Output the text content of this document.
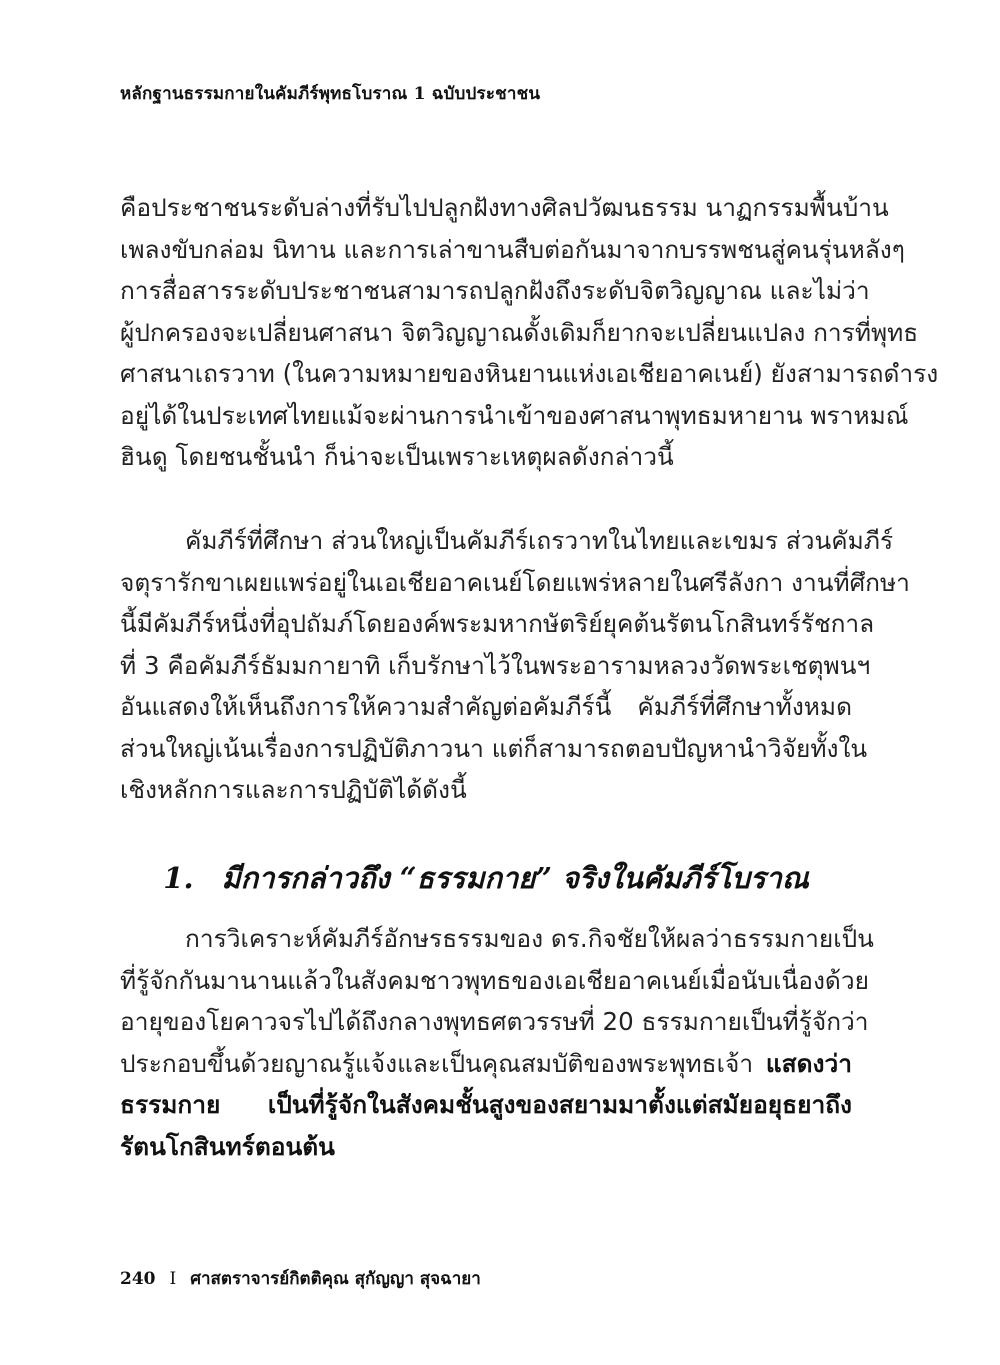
หลักฐานธรรมกายในคัมภีร์พุทธโบราณ 1 ฉบับประชาชน
คือประชาชนระดับล่างที่รับไปปลูกฝังทางศิลปวัฒนธรรม นาฏกรรมพื้นบ้าน
เพลงขับกล่อม นิทาน และการเล่าขานสืบต่อกันมาจากบรรพชนสู่คนรุ่นหลังๆ
การสื่อสารระดับประชาชนสามารถปลูกฝังถึงระดับจิตวิญญาณ และไม่ว่า
ผู้ปกครองจะเปลี่ยนศาสนา จิตวิญญาณดั้งเดิมก็ยากจะเปลี่ยนแปลง การที่พุทธ
ศาสนาเถรวาท (ในความหมายของหินยานแห่งเอเชียอาคเนย์) ยังสามารถดำรง
อยู่ได้ในประเทศไทยแม้จะผ่านการนำเข้าของศาสนาพุทธมหายาน พราหมณ์
ฮินดู โดยชนชั้นนำ ก็น่าจะเป็นเพราะเหตุผลดังกล่าวนี้
คัมภีร์ที่ศึกษา ส่วนใหญ่เป็นคัมภีร์เถรวาทในไทยและเขมร ส่วนคัมภีร์
จตุรารักขาเผยแพร่อยู่ในเอเชียอาคเนย์โดยแพร่หลายในศรีลังกา งานที่ศึกษา
นี้มีคัมภีร์หนึ่งที่อุปถัมภ์โดยองค์พระมหากษัตริย์ยุคต้นรัตนโกสินทร์รัชกาล
ที่ 3 คือคัมภีร์ธัมมกายาทิ เก็บรักษาไว้ในพระอารามหลวงวัดพระเชตุพนฯ
อันแสดงให้เห็นถึงการให้ความสำคัญต่อคัมภีร์นี้ คัมภีร์ที่ศึกษาทั้งหมด
ส่วนใหญ่เน้นเรื่องการปฏิบัติภาวนา แต่ก็สามารถตอบปัญหานำวิจัยทั้งใน
เชิงหลักการและการปฏิบัติได้ดังนี้
1. มีการกล่าวถึง “ธรรมกาย” จริงในคัมภีร์โบราณ
การวิเคราะห์คัมภีร์อักษรธรรมของ ดร.กิจชัยให้ผลว่าธรรมกายเป็น
ที่รู้จักกันมานานแล้วในสังคมชาวพุทธของเอเชียอาคเนย์เมื่อนับเนื่องด้วย
อายุของโยคาวจรไปได้ถึงกลางพุทธศตวรรษที่ 20 ธรรมกายเป็นที่รู้จักว่า
ประกอบขึ้นด้วยญาณรู้แจ้งและเป็นคุณสมบัติของพระพุทธเจ้า แสดงว่า
ธรรมกาย เป็นที่รู้จักในสังคมชั้นสูงของสยามมาตั้งแต่สมัยอยุธยาถึง
รัตนโกสินทร์ตอนต้น
240 I ศาสตราจารย์กิตติคุณ สุกัญญา สุจฉายา
